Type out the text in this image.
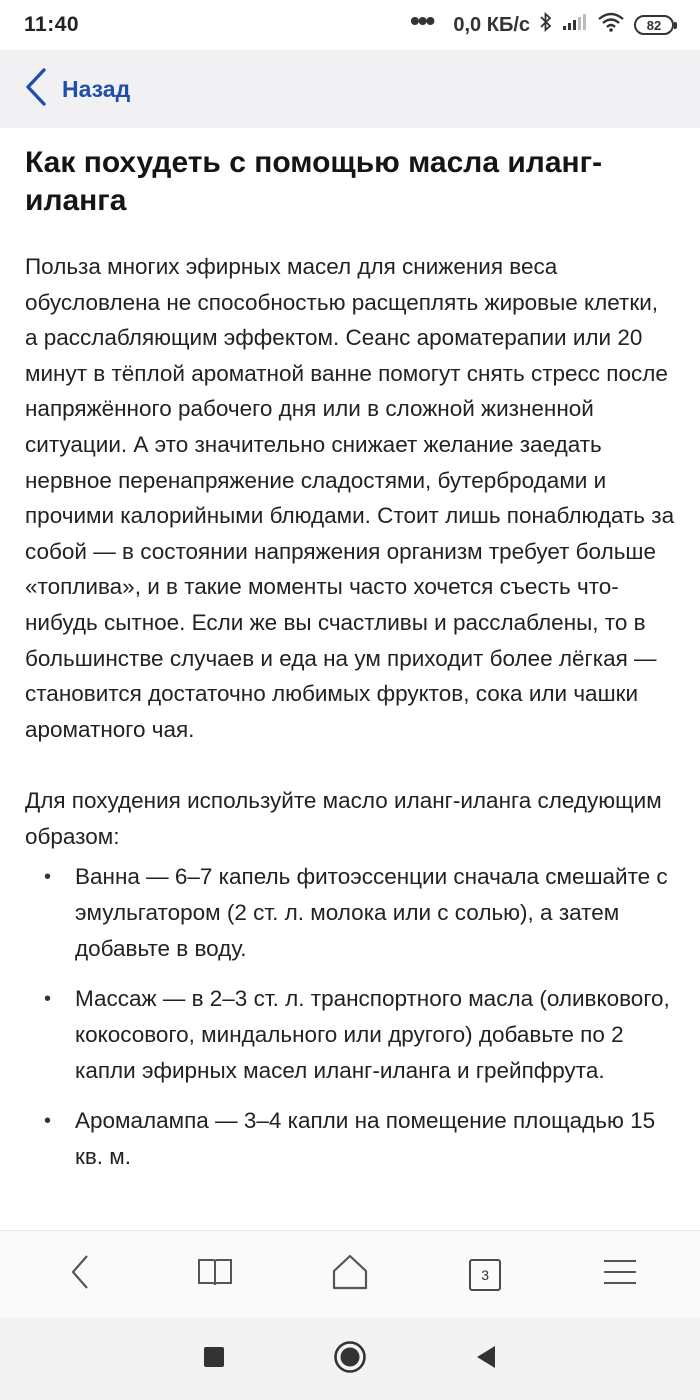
11:40	••• 0,0 КБ/с	82
Назад
Как похудеть с помощью масла иланг-иланга

Польза многих эфирных масел для снижения веса обусловлена не способностью расщеплять жировые клетки, а расслабляющим эффектом. Сеанс ароматерапии или 20 минут в тёплой ароматной ванне помогут снять стресс после напряжённого рабочего дня или в сложной жизненной ситуации. А это значительно снижает желание заедать нервное перенапряжение сладостями, бутербродами и прочими калорийными блюдами. Стоит лишь понаблюдать за собой — в состоянии напряжения организм требует больше «топлива», и в такие моменты часто хочется съесть что-нибудь сытное. Если же вы счастливы и расслаблены, то в большинстве случаев и еда на ум приходит более лёгкая — становится достаточно любимых фруктов, сока или чашки ароматного чая.

Для похудения используйте масло иланг-иланга следующим образом:

• Ванна — 6–7 капель фитоэссенции сначала смешайте с эмульгатором (2 ст. л. молока или с солью), а затем добавьте в воду.
• Массаж — в 2–3 ст. л. транспортного масла (оливкового, кокосового, миндального или другого) добавьте по 2 капли эфирных масел иланг-иланга и грейпфрута.
• Аромалампа — 3–4 капли на помещение площадью 15 кв. м.
3
